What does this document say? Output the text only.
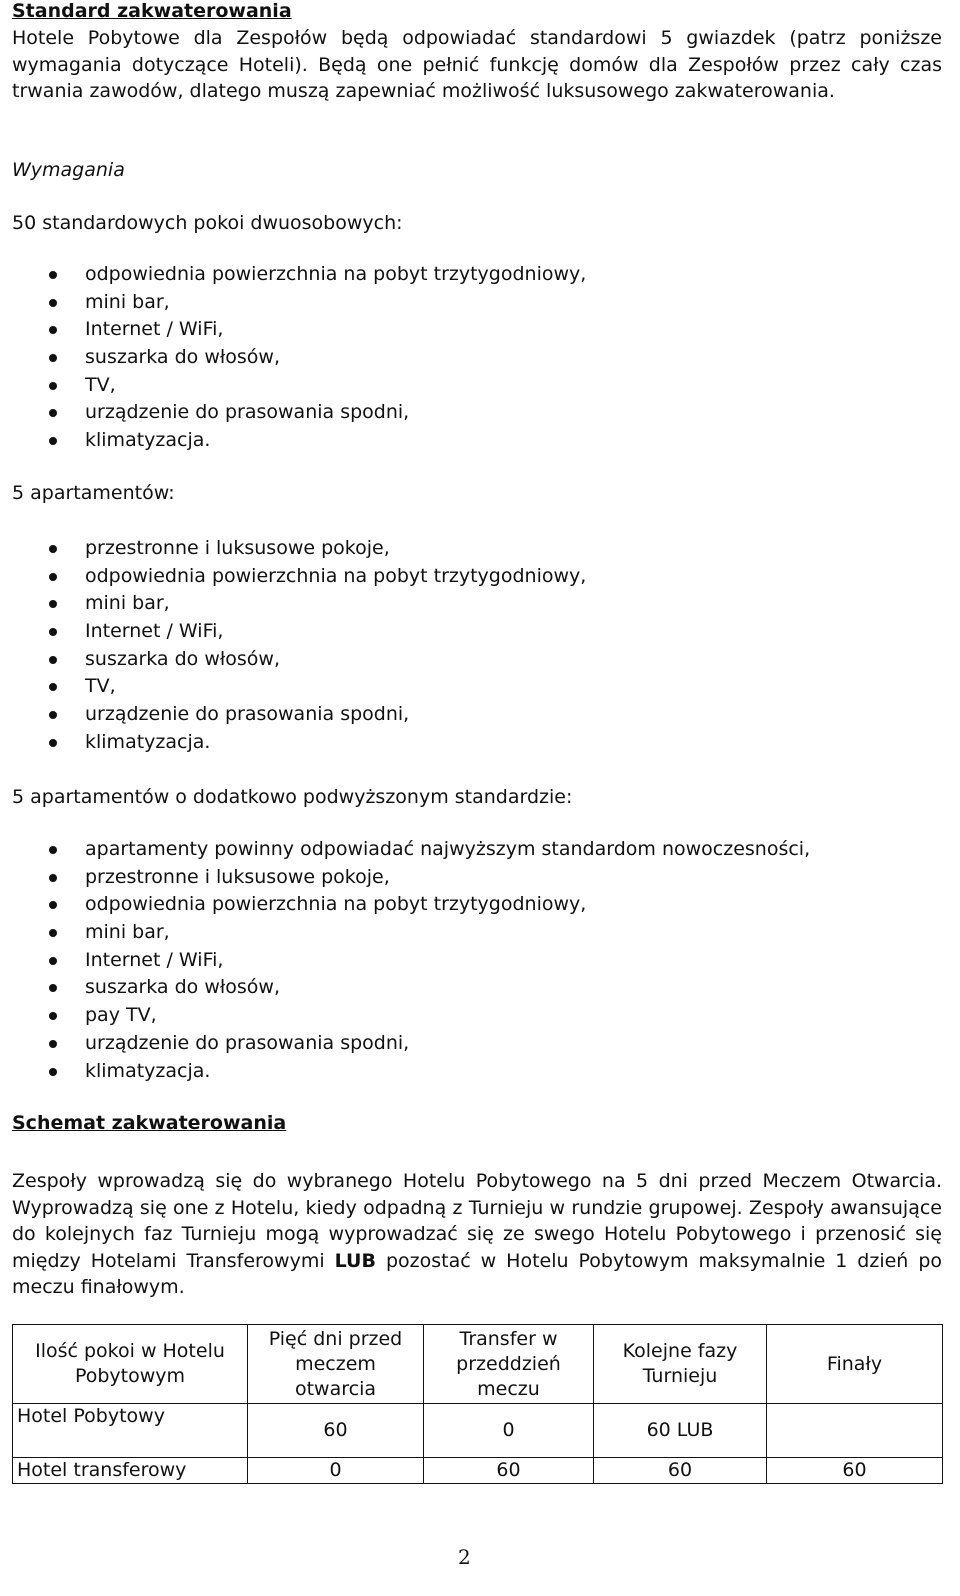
Standard zakwaterowania

Hotele Pobytowe dla Zespołów będą odpowiadać standardowi 5 gwiazdek (patrz poniższe wymagania dotyczące Hoteli). Będą one pełnić funkcję domów dla Zespołów przez cały czas trwania zawodów, dlatego muszą zapewniać możliwość luksusowego zakwaterowania.

Wymagania

50 standardowych pokoi dwuosobowych:

odpowiednia powierzchnia na pobyt trzytygodniowy,
mini bar,
Internet / WiFi,
suszarka do włosów,
TV,
urządzenie do prasowania spodni,
klimatyzacja.

5 apartamentów:

przestronne i luksusowe pokoje,
odpowiednia powierzchnia na pobyt trzytygodniowy,
mini bar,
Internet / WiFi,
suszarka do włosów,
TV,
urządzenie do prasowania spodni,
klimatyzacja.

5 apartamentów o dodatkowo podwyższonym standardzie:

apartamenty powinny odpowiadać najwyższym standardom nowoczesności,
przestronne i luksusowe pokoje,
odpowiednia powierzchnia na pobyt trzytygodniowy,
mini bar,
Internet / WiFi,
suszarka do włosów,
pay TV,
urządzenie do prasowania spodni,
klimatyzacja.
Schemat zakwaterowania

Zespoły wprowadzą się do wybranego Hotelu Pobytowego na 5 dni przed Meczem Otwarcia. Wyprowadzą się one z Hotelu, kiedy odpadną z Turnieju w rundzie grupowej. Zespoły awansujące do kolejnych faz Turnieju mogą wyprowadzać się ze swego Hotelu Pobytowego i przenosić się między Hotelami Transferowymi LUB pozostać w Hotelu Pobytowym maksymalnie 1 dzień po meczu finałowym.

Ilość pokoi w Hotelu Pobytowym	Pięć dni przed meczem otwarcia	Transfer w przeddzień meczu	Kolejne fazy Turnieju	Finały
Hotel Pobytowy	60	0	60 LUB	
Hotel transferowy	0	60	60	60
2
